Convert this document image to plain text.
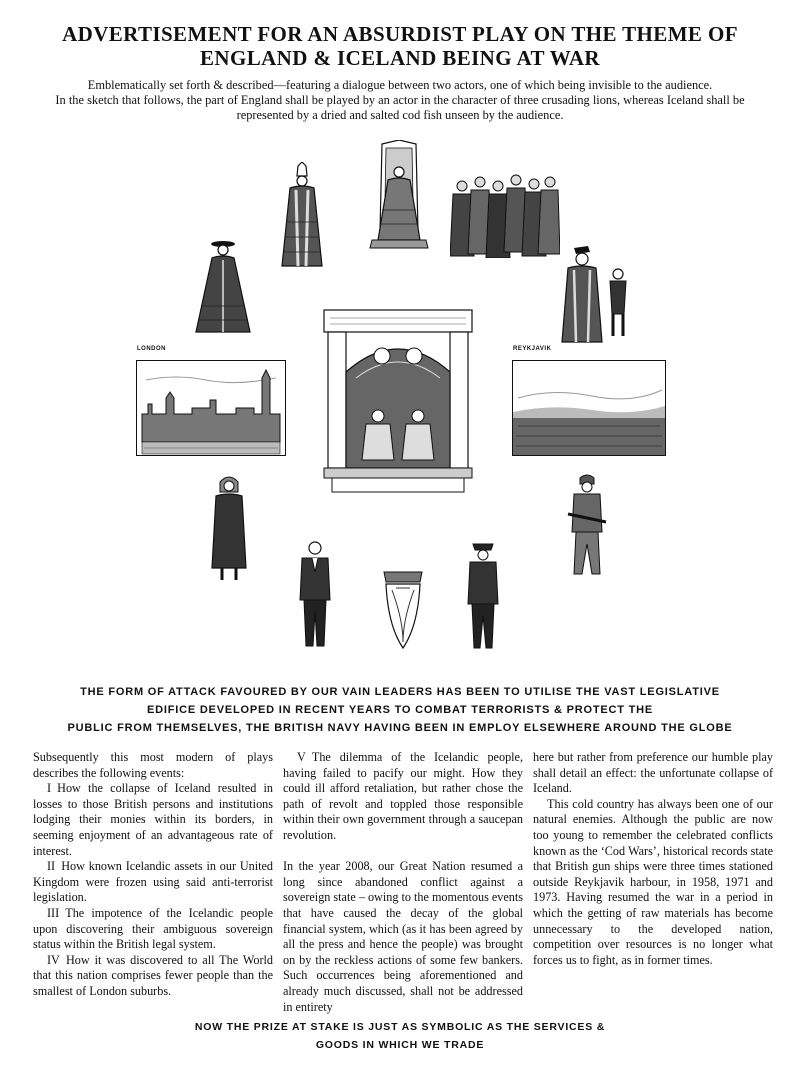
ADVERTISEMENT FOR AN ABSURDIST PLAY ON THE THEME OF
ENGLAND & ICELAND BEING AT WAR

Emblematically set forth & described—featuring a dialogue between two actors, one of which being invisible to the audience.
In the sketch that follows, the part of England shall be played by an actor in the character of three crusading lions, whereas Iceland shall be
represented by a dried and salted cod fish unseen by the audience.

LONDON	REYKJAVIK

THE FORM OF ATTACK FAVOURED BY OUR VAIN LEADERS HAS BEEN TO UTILISE THE VAST LEGISLATIVE
EDIFICE DEVELOPED IN RECENT YEARS TO COMBAT TERRORISTS & PROTECT THE
PUBLIC FROM THEMSELVES, THE BRITISH NAVY HAVING BEEN IN EMPLOY ELSEWHERE AROUND THE GLOBE

Subsequently this most modern of plays describes the following events:

I How the collapse of Iceland resulted in losses to those British persons and institutions lodging their monies within its borders, in seeming enjoyment of an advantageous rate of interest.

II How known Icelandic assets in our United Kingdom were frozen using said anti-terrorist legislation.

III The impotence of the Icelandic people upon discovering their ambiguous sovereign status within the British legal system.

IV How it was discovered to all The World that this nation comprises fewer people than the smallest of London suburbs.

V The dilemma of the Icelandic people, having failed to pacify our might. How they could ill afford retaliation, but rather chose the path of revolt and toppled those responsible within their own government through a saucepan revolution.

In the year 2008, our Great Nation resumed a long since abandoned conflict against a sovereign state – owing to the momentous events that have caused the decay of the global financial system, which (as it has been agreed by all the press and hence the people) was brought on by the reckless actions of some few bankers. Such occurrences being aforementioned and already much discussed, shall not be addressed in entirety

here but rather from preference our humble play shall detail an effect: the unfortunate collapse of Iceland.

This cold country has always been one of our natural enemies. Although the public are now too young to remember the celebrated conflicts known as the ‘Cod Wars’, historical records state that British gun ships were three times stationed outside Reykjavik harbour, in 1958, 1971 and 1973. Having resumed the war in a period in which the getting of raw materials has become unnecessary to the developed nation, competition over resources is no longer what forces us to fight, as in former times.

NOW THE PRIZE AT STAKE IS JUST AS SYMBOLIC AS THE SERVICES &
GOODS IN WHICH WE TRADE
